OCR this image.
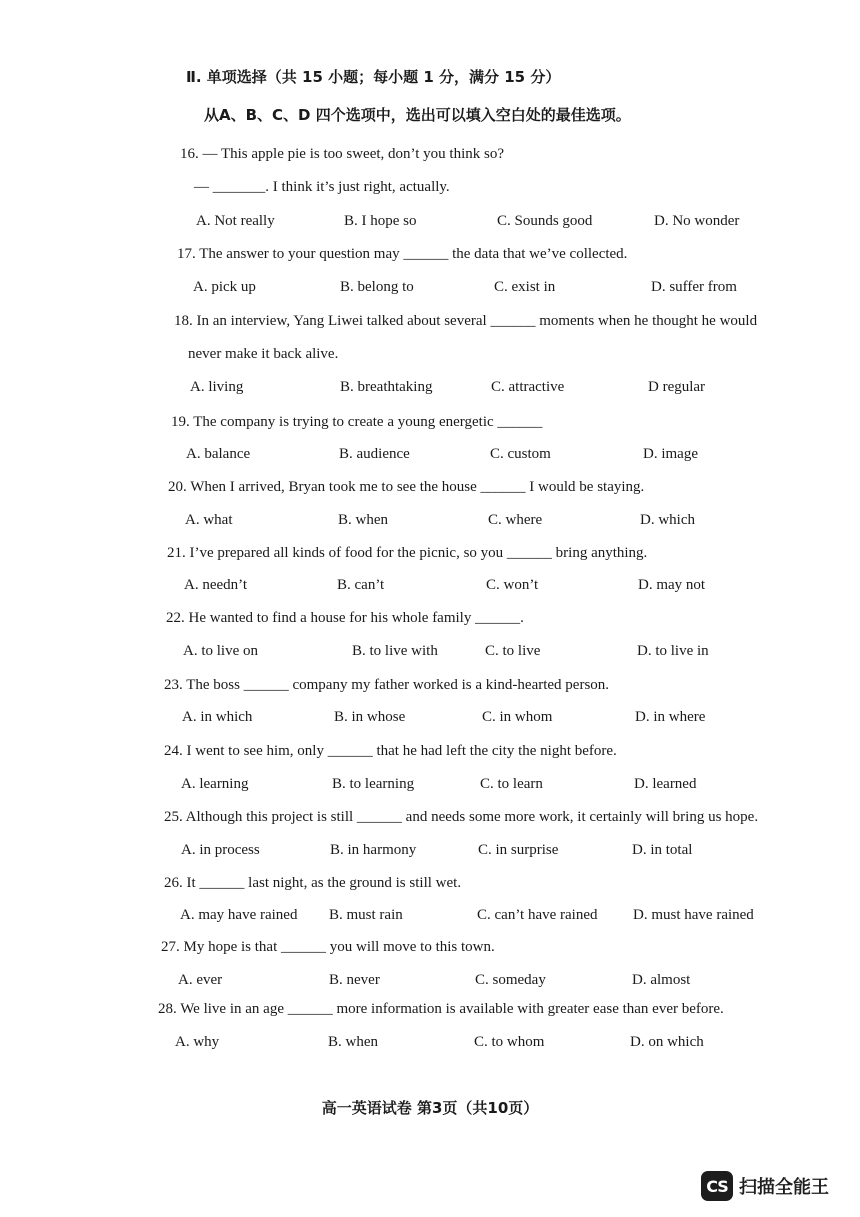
Ⅱ. 单项选择（共 15 小题；每小题 1 分，满分 15 分）
从A、B、C、D 四个选项中，选出可以填入空白处的最佳选项。
16. — This apple pie is too sweet, don’t you think so?
— _______. I think it’s just right, actually.
A. Not really	B. I hope so	C. Sounds good	D. No wonder
17. The answer to your question may ______ the data that we’ve collected.
A. pick up	B. belong to	C. exist in	D. suffer from
18. In an interview, Yang Liwei talked about several ______ moments when he thought he would
never make it back alive.
A. living	B. breathtaking	C. attractive	D regular
19. The company is trying to create a young energetic ______
A. balance	B. audience	C. custom	D. image
20. When I arrived, Bryan took me to see the house ______ I would be staying.
A. what	B. when	C. where	D. which
21. I’ve prepared all kinds of food for the picnic, so you ______ bring anything.
A. needn’t	B. can’t	C. won’t	D. may not
22. He wanted to find a house for his whole family ______.
A. to live on	B. to live with	C. to live	D. to live in
23. The boss ______ company my father worked is a kind-hearted person.
A. in which	B. in whose	C. in whom	D. in where
24. I went to see him, only ______ that he had left the city the night before.
A. learning	B. to learning	C. to learn	D. learned
25. Although this project is still ______ and needs some more work, it certainly will bring us hope.
A. in process	B. in harmony	C. in surprise	D. in total
26. It ______ last night, as the ground is still wet.
A. may have rained B. must rain	C. can’t have rained D. must have rained
27. My hope is that ______ you will move to this town.
A. ever	B. never	C. someday	D. almost
28. We live in an age ______ more information is available with greater ease than ever before.
A. why	B. when	C. to whom	D. on which
高一英语试卷 第3页（共10页）
CS 扫描全能王
